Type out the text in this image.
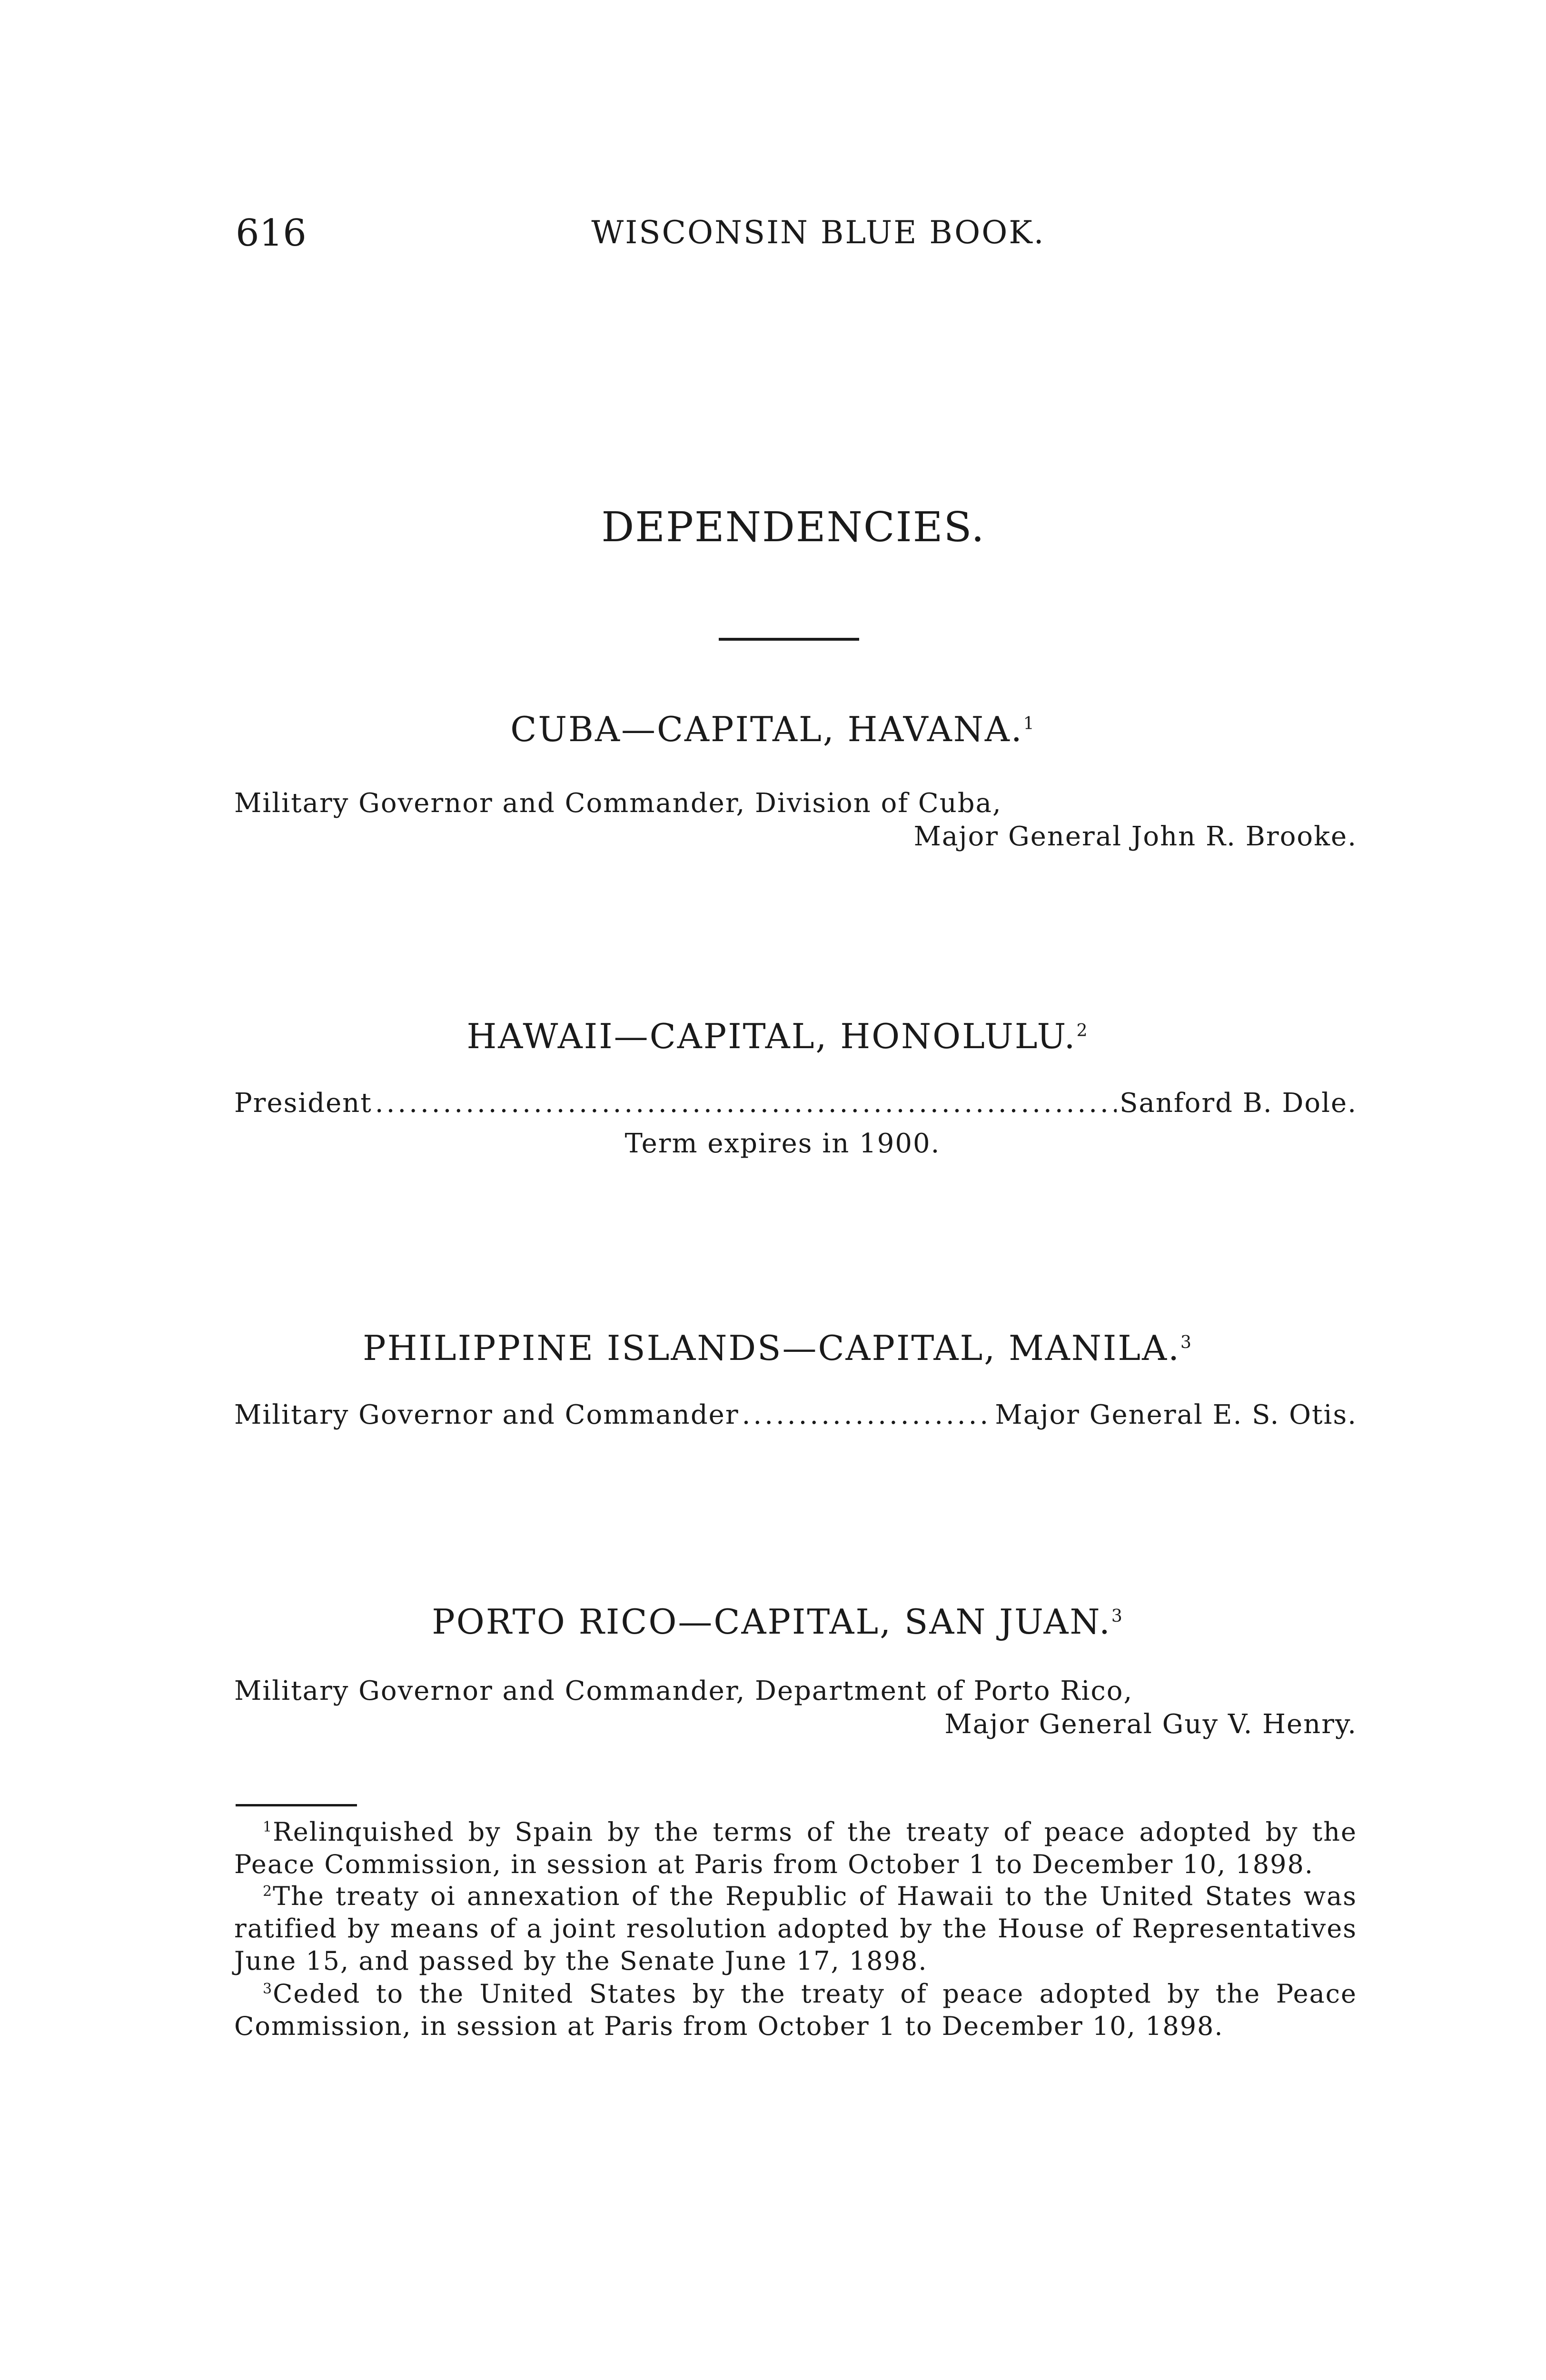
616	WISCONSIN BLUE BOOK.
DEPENDENCIES.
CUBA—CAPITAL, HAVANA.$^1$
Military Governor and Commander, Division of Cuba,
Major General John R. Brooke.
HAWAII—CAPITAL, HONOLULU.$^2$
President .....	Sanford B. Dole.
Term expires in 1900.
PHILIPPINE ISLANDS—CAPITAL, MANILA.$^3$
Military Governor and Commander .....	Major General E. S. Otis.
PORTO RICO—CAPITAL, SAN JUAN.$^3$
Military Governor and Commander, Department of Porto Rico,
Major General Guy V. Henry.
$^1$Relinquished by Spain by the terms of the treaty of peace adopted by the Peace Commission, in session at Paris from October 1 to December 10, 1898.
$^2$The treaty oi annexation of the Republic of Hawaii to the United States was ratified by means of a joint resolution adopted by the House of Representatives June 15, and passed by the Senate June 17, 1898.
$^3$Ceded to the United States by the treaty of peace adopted by the Peace Commission, in session at Paris from October 1 to December 10, 1898.
